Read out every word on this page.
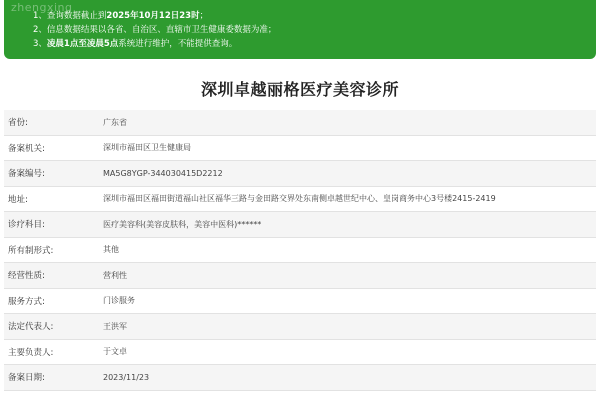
zhengxing
1、查询数据截止到2025年10月12日23时；
2、信息数据结果以各省、自治区、直辖市卫生健康委数据为准；
3、凌晨1点至凌晨5点系统进行维护，不能提供查询。
深圳卓越丽格医疗美容诊所
省份:	广东省
备案机关:	深圳市福田区卫生健康局
备案编号:	MA5G8YGP-344030415D2212
地址:	深圳市福田区福田街道福山社区福华三路与金田路交界处东南侧卓越世纪中心、皇岗商务中心3号楼2415-2419
诊疗科目:	医疗美容科(美容皮肤科，美容中医科)******
所有制形式:	其他
经营性质:	营利性
服务方式:	门诊服务
法定代表人:	王洪军
主要负责人:	于文卓
备案日期:	2023/11/23
